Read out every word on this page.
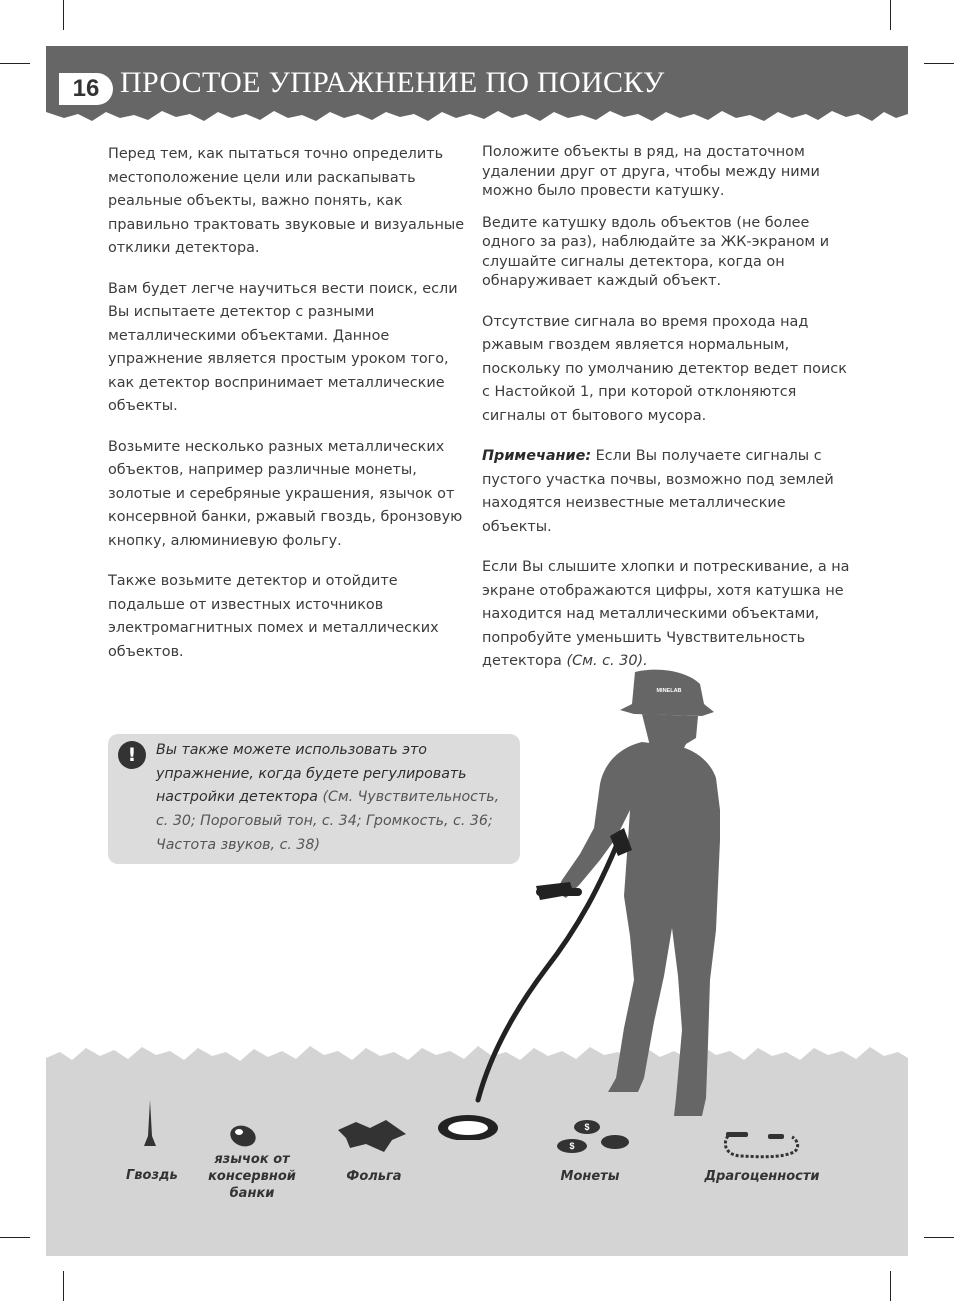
16 ПРОСТОЕ УПРАЖНЕНИЕ ПО ПОИСКУ

Перед тем, как пытаться точно определить местоположение цели или раскапывать реальные объекты, важно понять, как правильно трактовать звуковые и визуальные отклики детектора.

Вам будет легче научиться вести поиск, если Вы испытаете детектор с разными металлическими объектами. Данное упражнение является простым уроком того, как детектор воспринимает металлические объекты.

Возьмите несколько разных металлических объектов, например различные монеты, золотые и серебряные украшения, язычок от консервной банки, ржавый гвоздь, бронзовую кнопку, алюминиевую фольгу.

Также возьмите детектор и отойдите подальше от известных источников электромагнитных помех и металлических объектов.

Положите объекты в ряд, на достаточном удалении друг от друга, чтобы между ними можно было провести катушку.

Ведите катушку вдоль объектов (не более одного за раз), наблюдайте за ЖК-экраном и слушайте сигналы детектора, когда он обнаруживает каждый объект.

Отсутствие сигнала во время прохода над ржавым гвоздем является нормальным, поскольку по умолчанию детектор ведет поиск с Настойкой 1, при которой отклоняются сигналы от бытового мусора.

Примечание: Если Вы получаете сигналы с пустого участка почвы, возможно под землей находятся неизвестные металлические объекты.

Если Вы слышите хлопки и потрескивание, а на экране отображаются цифры, хотя катушка не находится над металлическими объектами, попробуйте уменьшить Чувствительность детектора (См. с. 30).

!	Вы также можете использовать это упражнение, когда будете регулировать настройки детектора (См. Чувствительность, с. 30; Пороговый тон, с. 34; Громкость, с. 36; Частота звуков, с. 38)
MINELAB
$
$
Гвоздь
язычок от консервной банки
Фольга	Монеты	Драгоценности
